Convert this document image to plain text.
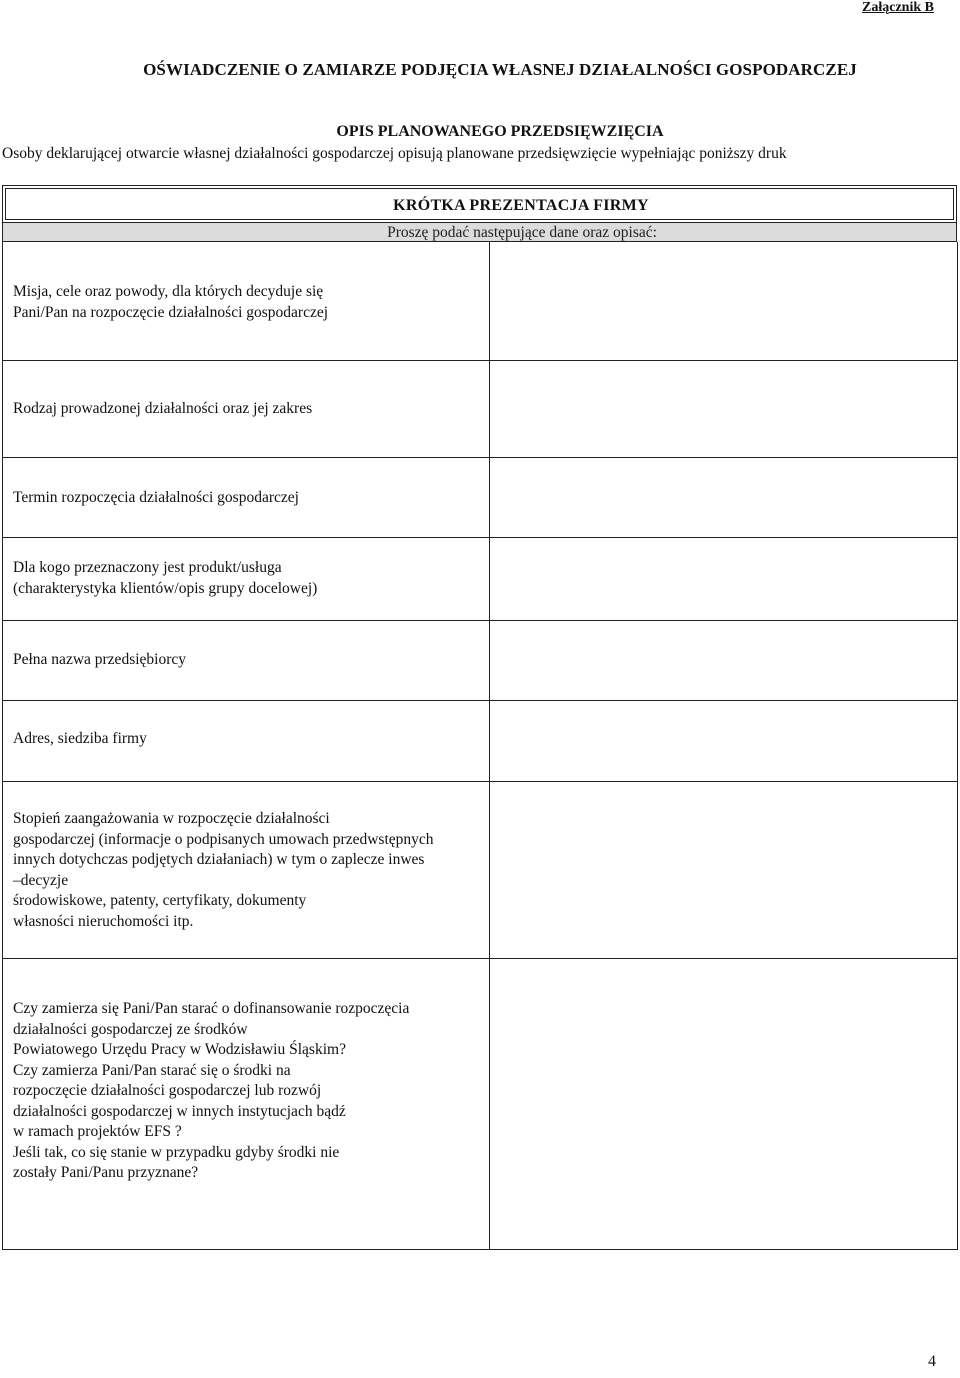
Załącznik B
OŚWIADCZENIE O ZAMIARZE PODJĘCIA WŁASNEJ DZIAŁALNOŚCI GOSPODARCZEJ
OPIS PLANOWANEGO PRZEDSIĘWZIĘCIA
Osoby deklarującej otwarcie własnej działalności gospodarczej opisują planowane przedsięwzięcie wypełniając poniższy druk
KRÓTKA PREZENTACJA FIRMY
Proszę podać następujące dane oraz opisać:
Misja, cele oraz powody, dla których decyduje się
Pani/Pan na rozpoczęcie działalności gospodarczej
Rodzaj prowadzonej działalności oraz jej zakres
Termin rozpoczęcia działalności gospodarczej
Dla kogo przeznaczony jest produkt/usługa
(charakterystyka klientów/opis grupy docelowej)
Pełna nazwa przedsiębiorcy
Adres, siedziba firmy
Stopień zaangażowania w rozpoczęcie działalności
gospodarczej (informacje o podpisanych umowach przedwstępnych
innych dotychczas podjętych działaniach) w tym o zaplecze inwes
–decyzje
środowiskowe, patenty, certyfikaty, dokumenty
własności nieruchomości itp.
Czy zamierza się Pani/Pan starać o dofinansowanie rozpoczęcia
działalności gospodarczej ze środków
Powiatowego Urzędu Pracy w Wodzisławiu Śląskim?
Czy zamierza Pani/Pan starać się o środki na
rozpoczęcie działalności gospodarczej lub rozwój
działalności gospodarczej w innych instytucjach bądź
w ramach projektów EFS ?
Jeśli tak, co się stanie w przypadku gdyby środki nie
zostały Pani/Panu przyznane?
4
